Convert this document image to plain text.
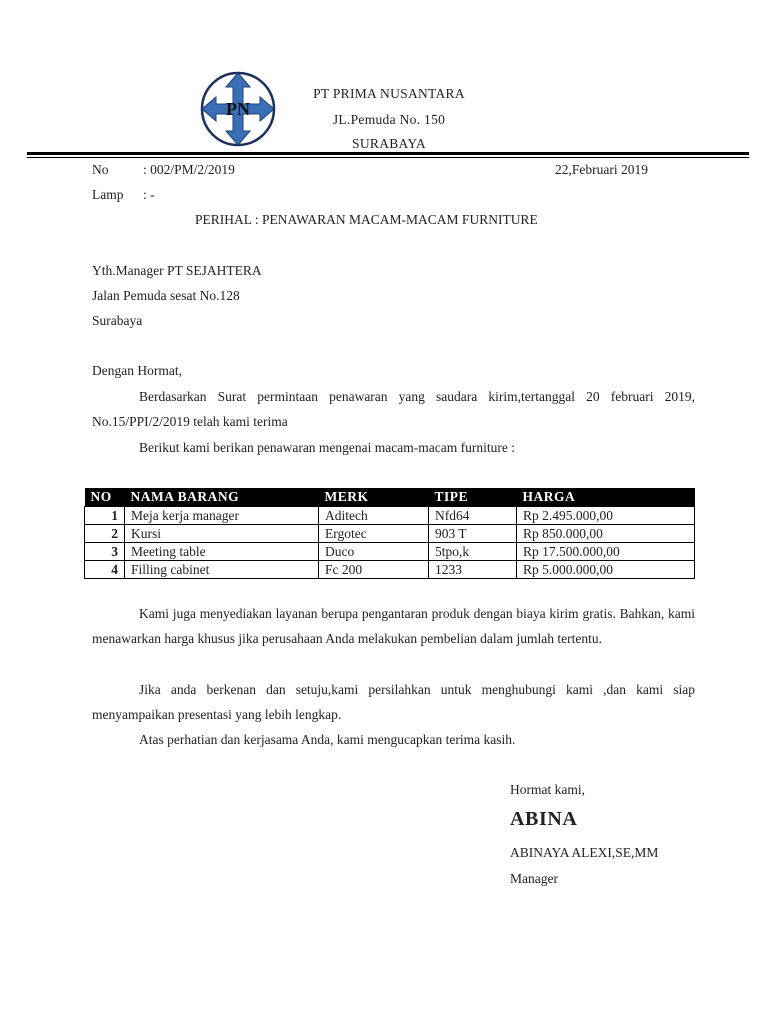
PN
PT PRIMA NUSANTARA
JL.Pemuda No. 150
SURABAYA
No	: 002/PM/2/2019	22,Februari 2019
Lamp : -
PERIHAL : PENAWARAN MACAM-MACAM FURNITURE
Yth.Manager PT SEJAHTERA
Jalan Pemuda sesat No.128
Surabaya
Dengan Hormat,
Berdasarkan Surat permintaan penawaran yang saudara kirim,tertanggal 20 februari 2019, No.15/PPI/2/2019 telah kami terima
Berikut kami berikan penawaran mengenai macam-macam furniture :
NO	NAMA BARANG	MERK	TIPE	HARGA
1	Meja kerja manager	Aditech	Nfd64	Rp 2.495.000,00
2	Kursi	Ergotec	903 T	Rp 850.000,00
3	Meeting table	Duco	5tpo,k	Rp 17.500.000,00
4	Filling cabinet	Fc 200	1233	Rp 5.000.000,00
Kami juga menyediakan layanan berupa pengantaran produk dengan biaya kirim gratis. Bahkan, kami menawarkan harga khusus jika perusahaan Anda melakukan pembelian dalam jumlah tertentu.
Jika anda berkenan dan setuju,kami persilahkan untuk menghubungi kami ,dan kami siap menyampaikan presentasi yang lebih lengkap.
Atas perhatian dan kerjasama Anda, kami mengucapkan terima kasih.
Hormat kami,
ABINA
ABINAYA ALEXI,SE,MM
Manager
